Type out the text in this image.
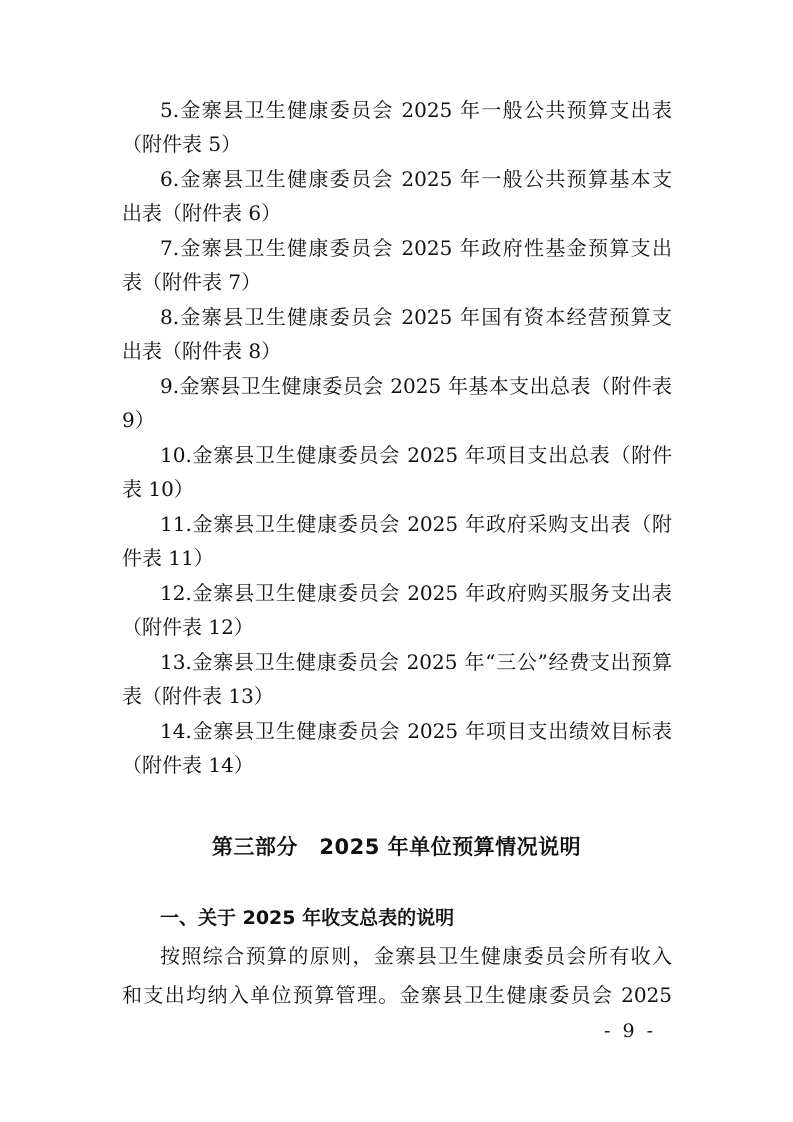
5.金寨县卫生健康委员会 2025 年一般公共预算支出表
（附件表 5）
6.金寨县卫生健康委员会 2025 年一般公共预算基本支
出表（附件表 6）
7.金寨县卫生健康委员会 2025 年政府性基金预算支出
表（附件表 7）
8.金寨县卫生健康委员会 2025 年国有资本经营预算支
出表（附件表 8）
9.金寨县卫生健康委员会 2025 年基本支出总表（附件表
9）
10.金寨县卫生健康委员会 2025 年项目支出总表（附件
表 10）
11.金寨县卫生健康委员会 2025 年政府采购支出表（附
件表 11）
12.金寨县卫生健康委员会 2025 年政府购买服务支出表
（附件表 12）
13.金寨县卫生健康委员会 2025 年“三公”经费支出预算
表（附件表 13）
14.金寨县卫生健康委员会 2025 年项目支出绩效目标表
（附件表 14）
第三部分　2025 年单位预算情况说明
一、关于 2025 年收支总表的说明
按照综合预算的原则，金寨县卫生健康委员会所有收入
和支出均纳入单位预算管理。金寨县卫生健康委员会 2025
- 9 -
